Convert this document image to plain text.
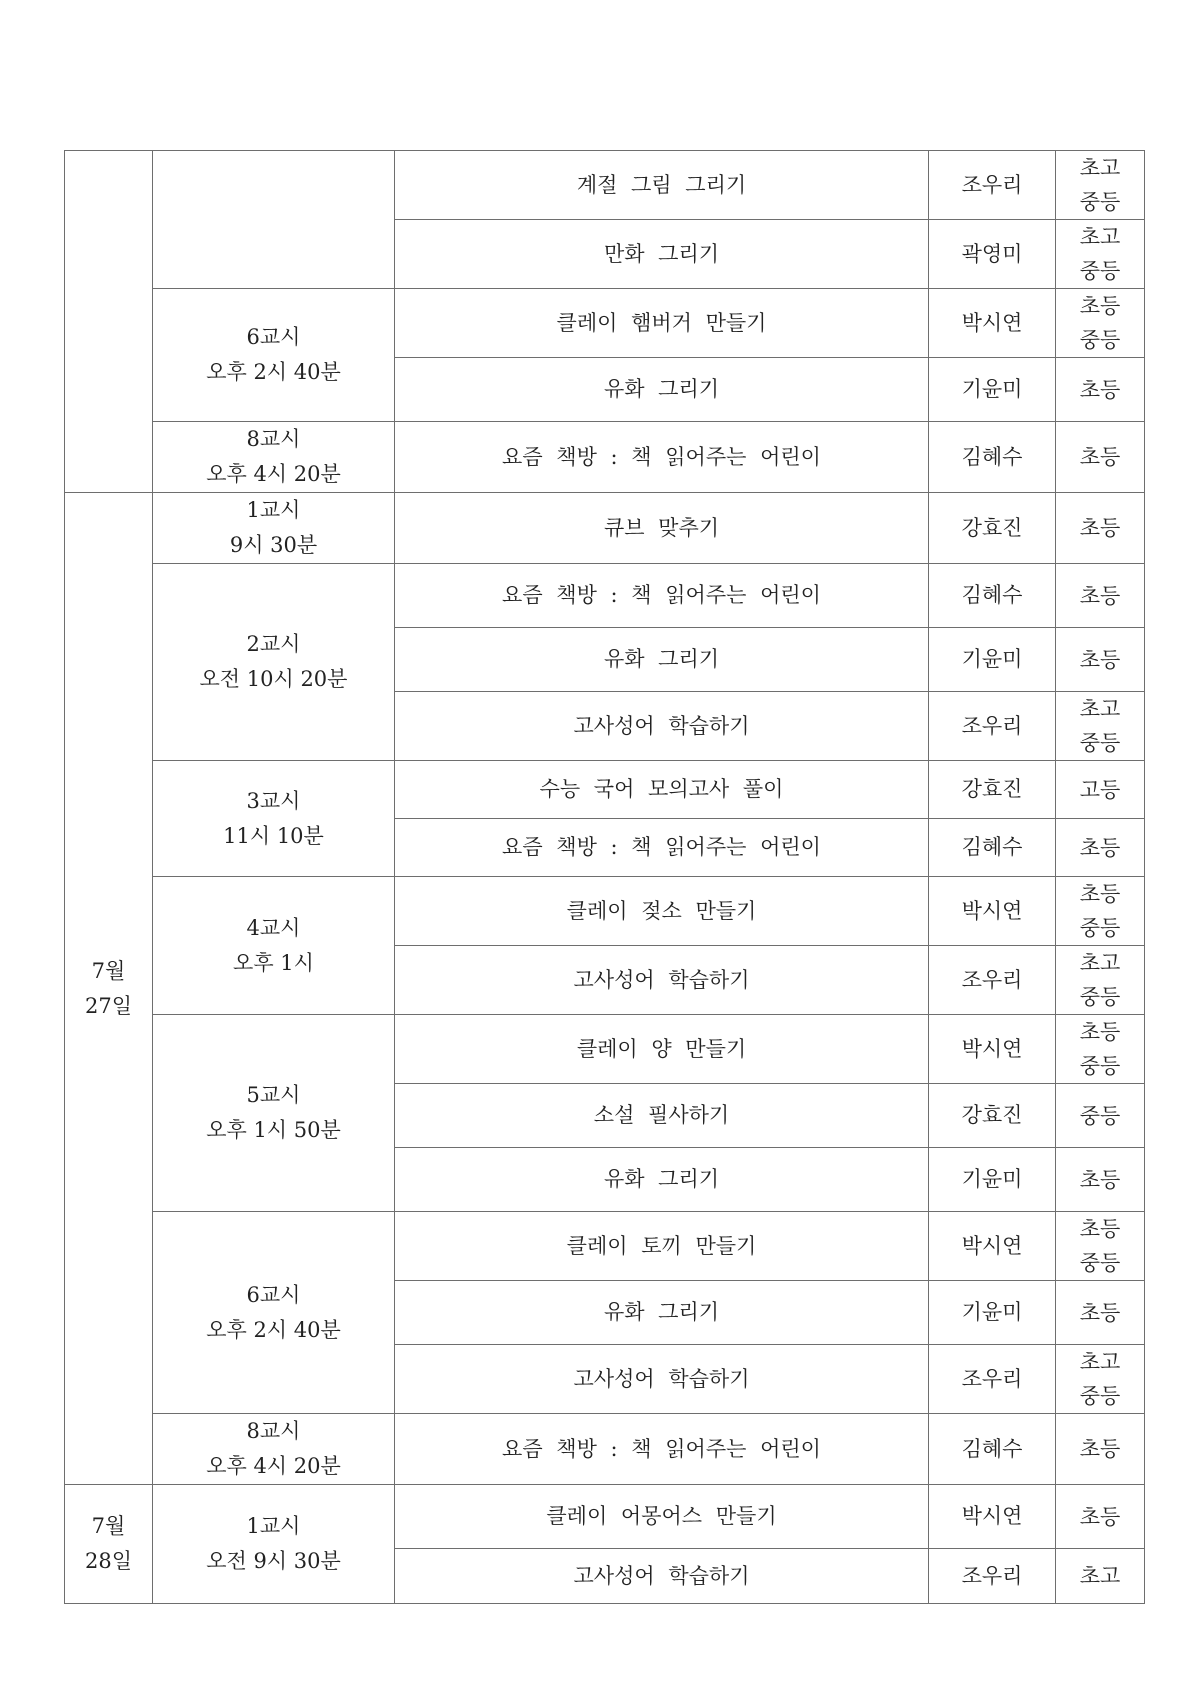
	계절 그림 그리기	조우리	초고
중등

		만화 그리기	곽영미	초고
중등

	6교시
오후 2시 40분	클레이 햄버거 만들기	박시연	초등
중등

		유화 그리기	기윤미	초등

	8교시
오후 4시 20분	요즘 책방 : 책 읽어주는 어린이	김혜수	초등

7월
27일	1교시
9시 30분	큐브 맞추기	강효진	초등

	2교시
오전 10시 20분	요즘 책방 : 책 읽어주는 어린이	김혜수	초등

		유화 그리기	기윤미	초등

		고사성어 학습하기	조우리	초고
중등

	3교시
11시 10분	수능 국어 모의고사 풀이	강효진	고등

		요즘 책방 : 책 읽어주는 어린이	김혜수	초등

	4교시
오후 1시	클레이 젖소 만들기	박시연	초등
중등

		고사성어 학습하기	조우리	초고
중등

	5교시
오후 1시 50분	클레이 양 만들기	박시연	초등
중등

		소설 필사하기	강효진	중등

		유화 그리기	기윤미	초등

	6교시
오후 2시 40분	클레이 토끼 만들기	박시연	초등
중등

		유화 그리기	기윤미	초등

		고사성어 학습하기	조우리	초고
중등

	8교시
오후 4시 20분	요즘 책방 : 책 읽어주는 어린이	김혜수	초등

7월
28일	1교시
오전 9시 30분	클레이 어몽어스 만들기	박시연	초등

		고사성어 학습하기	조우리	초고
